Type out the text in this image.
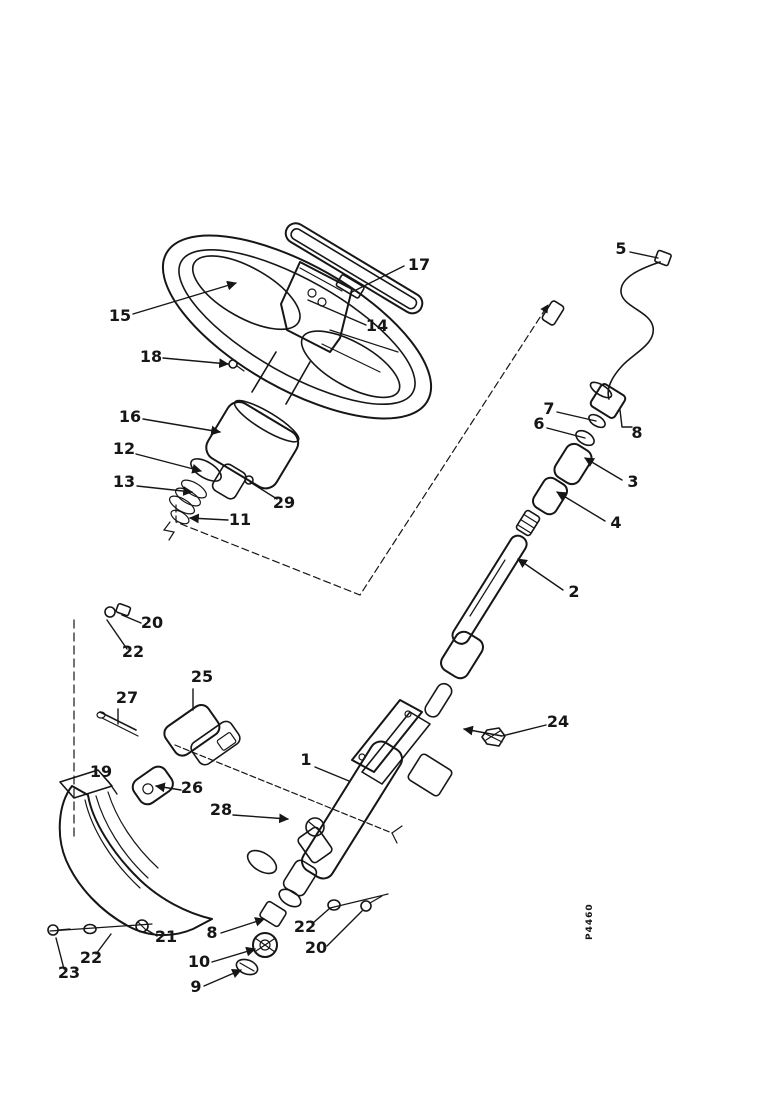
P4460
17
15
14
18
16
12
13
29
11
5
7
6	8
3
4
2
24
1
25
27
20
22
19
26
28
21
22
23
8
10
9
22
20
